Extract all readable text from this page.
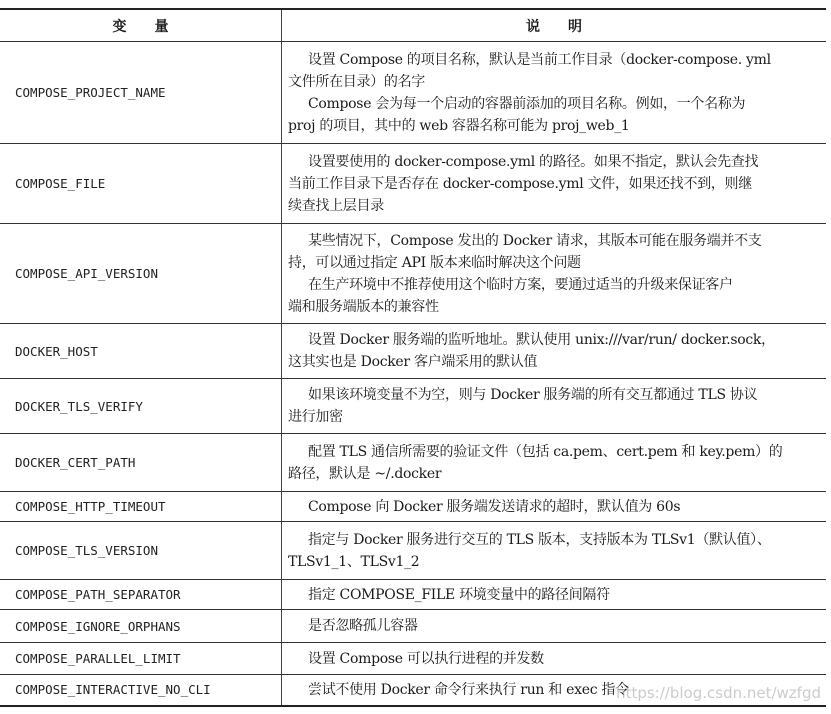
变　　量	说　　明
COMPOSE_PROJECT_NAME	设置 Compose 的项目名称，默认是当前工作目录（docker-compose. yml
文件所在目录）的名字
Compose 会为每一个启动的容器前添加的项目名称。例如，一个名称为
proj 的项目，其中的 web 容器名称可能为 proj_web_1

COMPOSE_FILE	设置要使用的 docker-compose.yml 的路径。如果不指定，默认会先查找
当前工作目录下是否存在 docker-compose.yml 文件，如果还找不到，则继
续查找上层目录

COMPOSE_API_VERSION	某些情况下，Compose 发出的 Docker 请求，其版本可能在服务端并不支
持，可以通过指定 API 版本来临时解决这个问题
在生产环境中不推荐使用这个临时方案，要通过适当的升级来保证客户
端和服务端版本的兼容性

DOCKER_HOST	设置 Docker 服务端的监听地址。默认使用 unix:///var/run/ docker.sock，
这其实也是 Docker 客户端采用的默认值

DOCKER_TLS_VERIFY	如果该环境变量不为空，则与 Docker 服务端的所有交互都通过 TLS 协议
进行加密

DOCKER_CERT_PATH	配置 TLS 通信所需要的验证文件（包括 ca.pem、cert.pem 和 key.pem）的
路径，默认是 ~/.docker

COMPOSE_HTTP_TIMEOUT	Compose 向 Docker 服务端发送请求的超时，默认值为 60s

COMPOSE_TLS_VERSION	指定与 Docker 服务进行交互的 TLS 版本，支持版本为 TLSv1（默认值）、
TLSv1_1、TLSv1_2

COMPOSE_PATH_SEPARATOR	指定 COMPOSE_FILE 环境变量中的路径间隔符

COMPOSE_IGNORE_ORPHANS	是否忽略孤儿容器

COMPOSE_PARALLEL_LIMIT	设置 Compose 可以执行进程的并发数

COMPOSE_INTERACTIVE_NO_CLI	尝试不使用 Docker 命令行来执行 run 和 exec 指令
https://blog.csdn.net/wzfgd
